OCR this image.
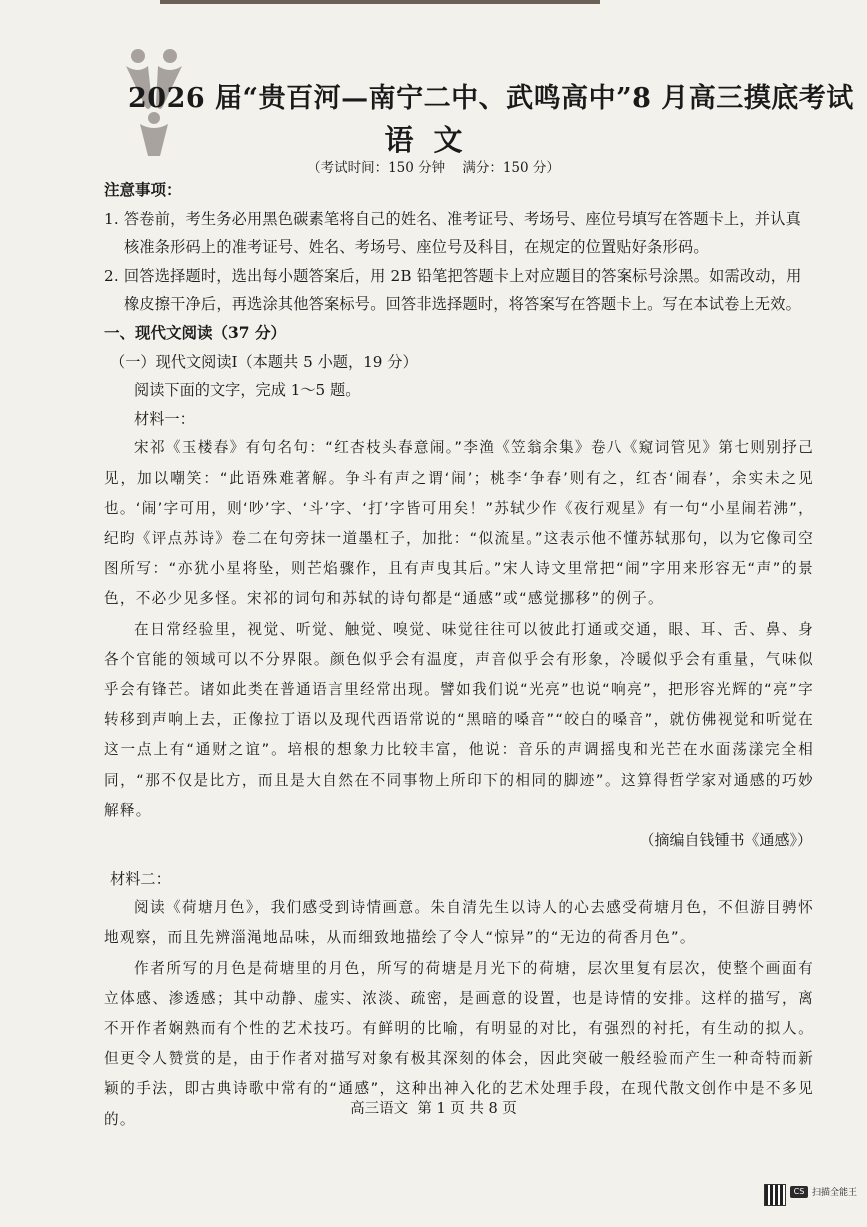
2026 届“贵百河—南宁二中、武鸣高中”8 月高三摸底考试
语文
（考试时间：150 分钟    满分：150 分）

注意事项：

1. 答卷前，考生务必用黑色碳素笔将自己的姓名、准考证号、考场号、座位号填写在答题卡上，并认真核准条形码上的准考证号、姓名、考场号、座位号及科目，在规定的位置贴好条形码。

2. 回答选择题时，选出每小题答案后，用 2B 铅笔把答题卡上对应题目的答案标号涂黑。如需改动，用橡皮擦干净后，再选涂其他答案标号。回答非选择题时，将答案写在答题卡上。写在本试卷上无效。

一、现代文阅读（37 分）

（一）现代文阅读Ⅰ（本题共 5 小题，19 分）

阅读下面的文字，完成 1～5 题。

材料一：

宋祁《玉楼春》有句名句：“红杏枝头春意闹。”李渔《笠翁余集》卷八《窥词管见》第七则别抒己见，加以嘲笑：“此语殊难著解。争斗有声之谓‘闹’；桃李‘争春’则有之，红杏‘闹春’，余实未之见也。‘闹’字可用，则‘吵’字、‘斗’字、‘打’字皆可用矣！”苏轼少作《夜行观星》有一句“小星闹若沸”，纪昀《评点苏诗》卷二在句旁抹一道墨杠子，加批：“似流星。”这表示他不懂苏轼那句，以为它像司空图所写：“亦犹小星将坠，则芒焰骤作，且有声曳其后。”宋人诗文里常把“闹”字用来形容无“声”的景色，不必少见多怪。宋祁的词句和苏轼的诗句都是“通感”或“感觉挪移”的例子。

在日常经验里，视觉、听觉、触觉、嗅觉、味觉往往可以彼此打通或交通，眼、耳、舌、鼻、身各个官能的领域可以不分界限。颜色似乎会有温度，声音似乎会有形象，冷暖似乎会有重量，气味似乎会有锋芒。诸如此类在普通语言里经常出现。譬如我们说“光亮”也说“响亮”，把形容光辉的“亮”字转移到声响上去，正像拉丁语以及现代西语常说的“黑暗的嗓音”“皎白的嗓音”，就仿佛视觉和听觉在这一点上有“通财之谊”。培根的想象力比较丰富，他说：音乐的声调摇曳和光芒在水面荡漾完全相同，“那不仅是比方，而且是大自然在不同事物上所印下的相同的脚迹”。这算得哲学家对通感的巧妙解释。

（摘编自钱锺书《通感》）

材料二：

阅读《荷塘月色》，我们感受到诗情画意。朱自清先生以诗人的心去感受荷塘月色，不但游目骋怀地观察，而且先辨淄渑地品味，从而细致地描绘了令人“惊异”的“无边的荷香月色”。

作者所写的月色是荷塘里的月色，所写的荷塘是月光下的荷塘，层次里复有层次，使整个画面有立体感、渗透感；其中动静、虚实、浓淡、疏密，是画意的设置，也是诗情的安排。这样的描写，离不开作者娴熟而有个性的艺术技巧。有鲜明的比喻，有明显的对比，有强烈的衬托，有生动的拟人。但更令人赞赏的是，由于作者对描写对象有极其深刻的体会，因此突破一般经验而产生一种奇特而新颖的手法，即古典诗歌中常有的“通感”，这种出神入化的艺术处理手段，在现代散文创作中是不多见的。

高三语文  第 1 页 共 8 页
CS 扫描全能王
